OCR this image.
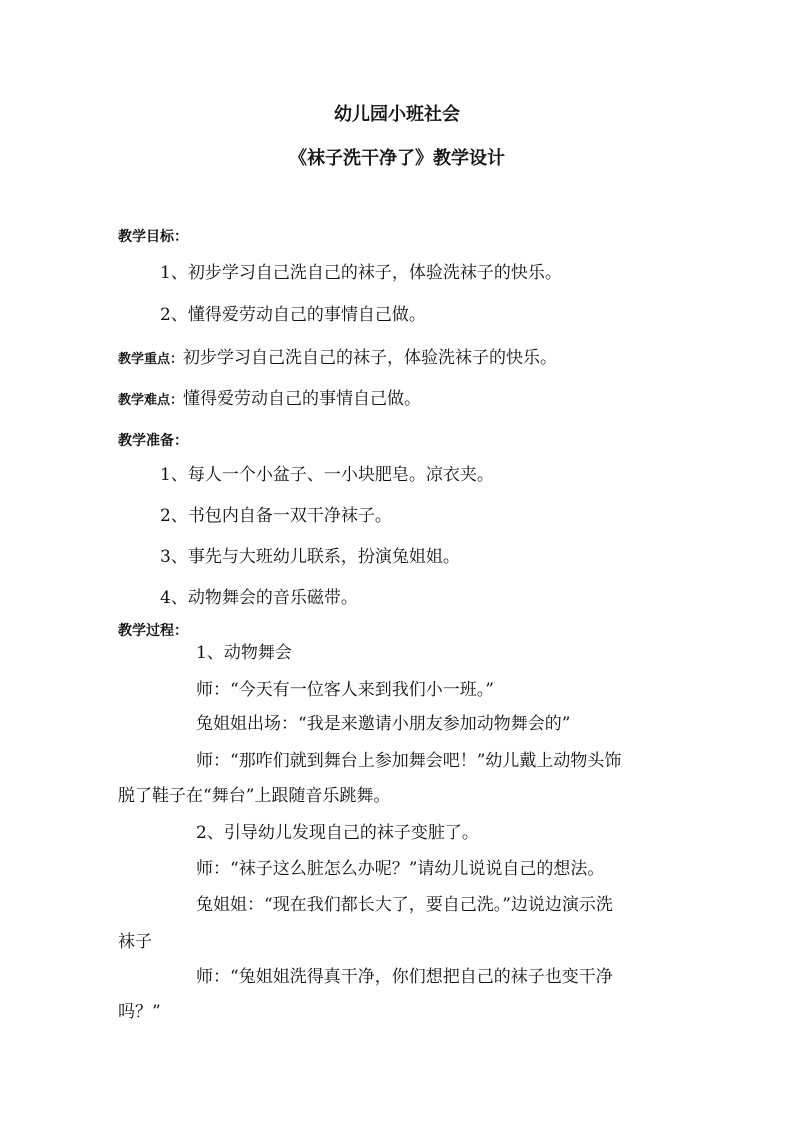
幼儿园小班社会
《袜子洗干净了》教学设计
教学目标：
1、初步学习自己洗自己的袜子，体验洗袜子的快乐。
2、懂得爱劳动自己的事情自己做。
教学重点：初步学习自己洗自己的袜子，体验洗袜子的快乐。
教学难点：懂得爱劳动自己的事情自己做。
教学准备：
1、每人一个小盆子、一小块肥皂。凉衣夹。
2、书包内自备一双干净袜子。
3、事先与大班幼儿联系，扮演兔姐姐。
4、动物舞会的音乐磁带。
教学过程：
1、动物舞会
师：“今天有一位客人来到我们小一班。”
兔姐姐出场：“我是来邀请小朋友参加动物舞会的”
师：“那咋们就到舞台上参加舞会吧！”幼儿戴上动物头饰
脱了鞋子在“舞台”上跟随音乐跳舞。
2、引导幼儿发现自己的袜子变脏了。
师：“袜子这么脏怎么办呢？”请幼儿说说自己的想法。
兔姐姐：“现在我们都长大了，要自己洗。”边说边演示洗
袜子
师：“兔姐姐洗得真干净，你们想把自己的袜子也变干净
吗？”
